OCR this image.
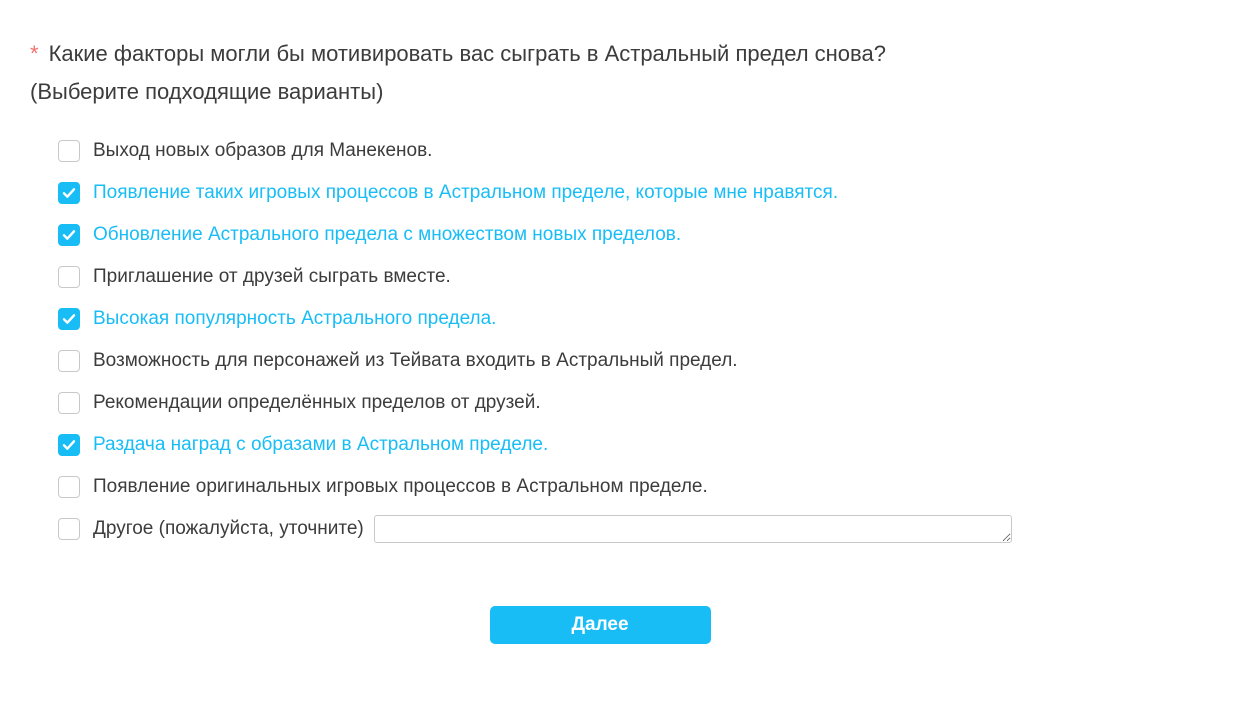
* Какие факторы могли бы мотивировать вас сыграть в Астральный предел снова?
(Выберите подходящие варианты)
Выход новых образов для Манекенов.
Появление таких игровых процессов в Астральном пределе, которые мне нравятся.
Обновление Астрального предела с множеством новых пределов.
Приглашение от друзей сыграть вместе.
Высокая популярность Астрального предела.
Возможность для персонажей из Тейвата входить в Астральный предел.
Рекомендации определённых пределов от друзей.
Раздача наград с образами в Астральном пределе.
Появление оригинальных игровых процессов в Астральном пределе.
Другое (пожалуйста, уточните)
Далее
